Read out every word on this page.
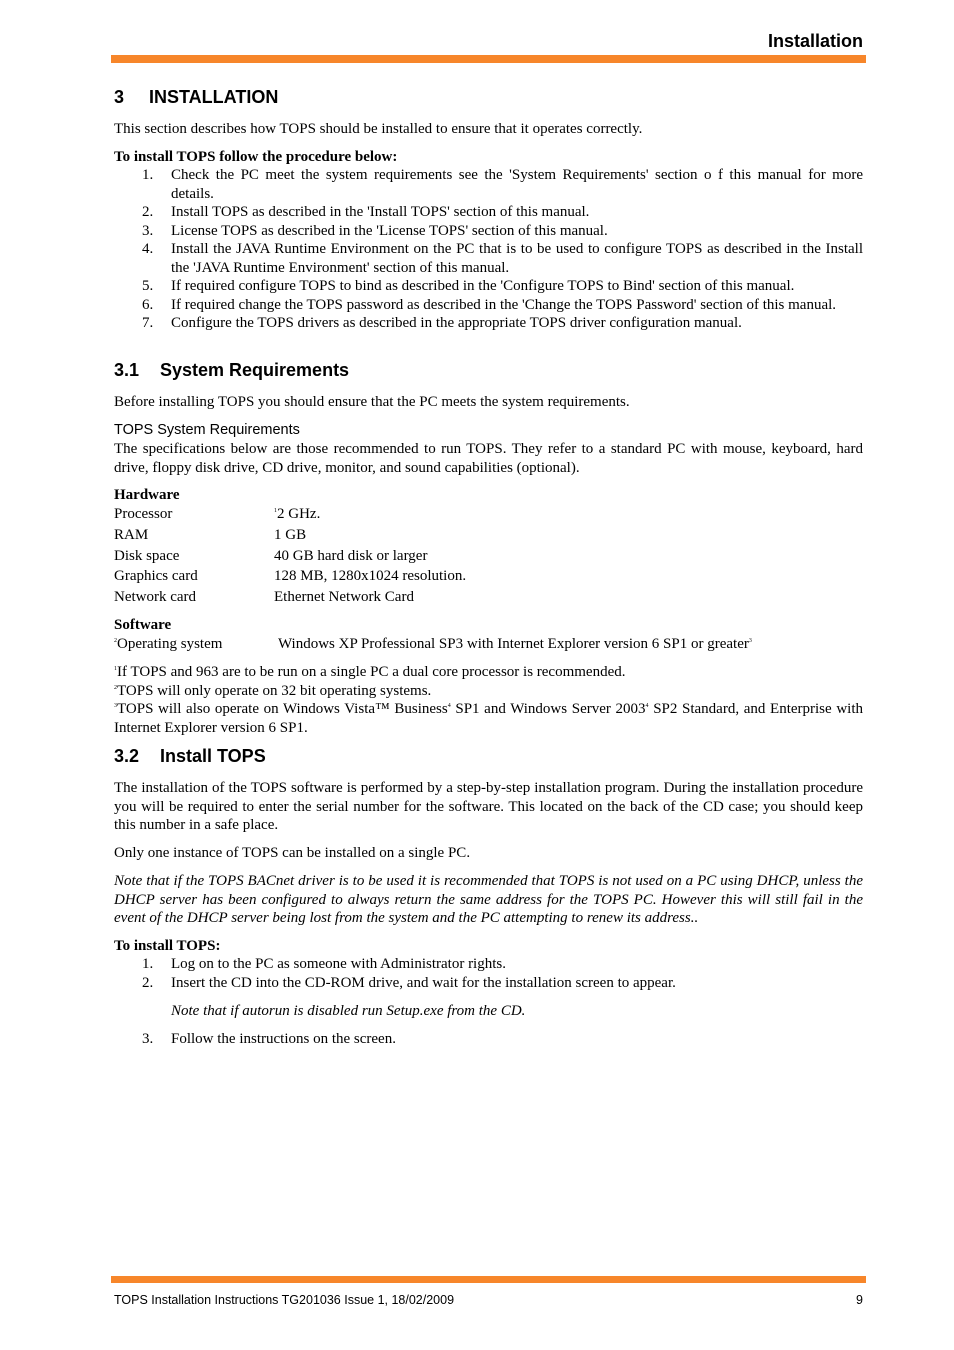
Installation
3 INSTALLATION

This section describes how TOPS should be installed to ensure that it operates correctly.

To install TOPS follow the procedure below:

1. Check the PC meet the system requirements see the 'System Requirements' section o f this manual for more details.
2. Install TOPS as described in the 'Install TOPS' section of this manual.
3. License TOPS as described in the 'License TOPS' section of this manual.
4. Install the JAVA Runtime Environment on the PC that is to be used to configure TOPS as described in the Install the 'JAVA Runtime Environment' section of this manual.
5. If required configure TOPS to bind as described in the 'Configure TOPS to Bind' section of this manual.
6. If required change the TOPS password as described in the 'Change the TOPS Password' section of this manual.
7. Configure the TOPS drivers as described in the appropriate TOPS driver configuration manual.
3.1 System Requirements

Before installing TOPS you should ensure that the PC meets the system requirements.

TOPS System Requirements

The specifications below are those recommended to run TOPS. They refer to a standard PC with mouse, keyboard, hard drive, floppy disk drive, CD drive, monitor, and sound capabilities (optional).

Hardware

Processor	$^1$2 GHz.
RAM	1 GB
Disk space	40 GB hard disk or larger
Graphics card	128 MB, 1280x1024 resolution.
Network card	Ethernet Network Card

Software

$^2$Operating system	Windows XP Professional SP3 with Internet Explorer version 6 SP1 or greater$^3$

$^1$If TOPS and 963 are to be run on a single PC a dual core processor is recommended.

$^2$TOPS will only operate on 32 bit operating systems.

$^3$TOPS will also operate on Windows Vista™ Business$^4$ SP1 and Windows Server 2003$^4$ SP2 Standard, and Enterprise with Internet Explorer version 6 SP1.

3.2 Install TOPS

The installation of the TOPS software is performed by a step-by-step installation program. During the installation procedure you will be required to enter the serial number for the software. This located on the back of the CD case; you should keep this number in a safe place.

Only one instance of TOPS can be installed on a single PC.

Note that if the TOPS BACnet driver is to be used it is recommended that TOPS is not used on a PC using DHCP, unless the DHCP server has been configured to always return the same address for the TOPS PC. However this will still fail in the event of the DHCP server being lost from the system and the PC attempting to renew its address..

To install TOPS:

1. Log on to the PC as someone with Administrator rights.
2. Insert the CD into the CD-ROM drive, and wait for the installation screen to appear.

Note that if autorun is disabled run Setup.exe from the CD.

3. Follow the instructions on the screen.
TOPS Installation Instructions TG201036 Issue 1, 18/02/2009	9
